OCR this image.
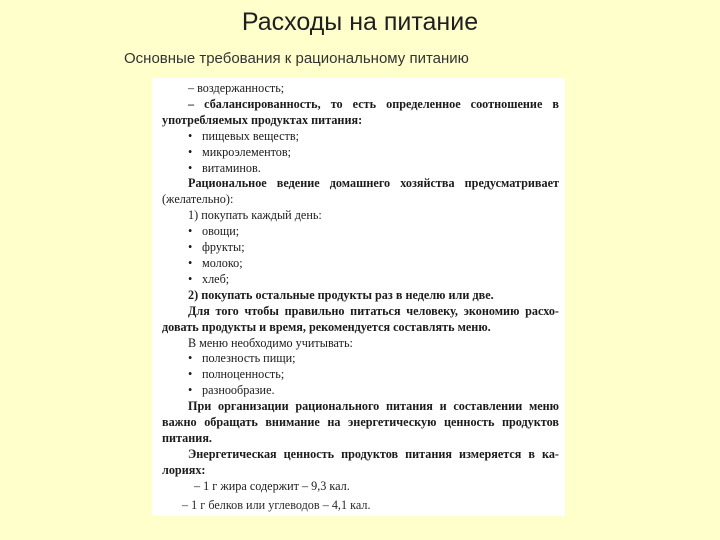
Расходы на питание
Основные требования к рациональному питанию
– воздержанность;
– сбалансированность, то есть определенное соотношение в
употребляемых продуктах питания:
• пищевых веществ;
• микроэлементов;
• витаминов.
Рациональное ведение домашнего хозяйства предусматривает
(желательно):
1) покупать каждый день:
• овощи;
• фрукты;
• молоко;
• хлеб;
2) покупать остальные продукты раз в неделю или две.
Для того чтобы правильно питаться человеку, экономию расхо-
довать продукты и время, рекомендуется составлять меню.
В меню необходимо учитывать:
• полезность пищи;
• полноценность;
• разнообразие.
При организации рационального питания и составлении меню
важно обращать внимание на энергетическую ценность продуктов
питания.
Энергетическая ценность продуктов питания измеряется в ка-
лориях:
– 1 г жира содержит – 9,3 кал.
– 1 г белков или углеводов – 4,1 кал.
